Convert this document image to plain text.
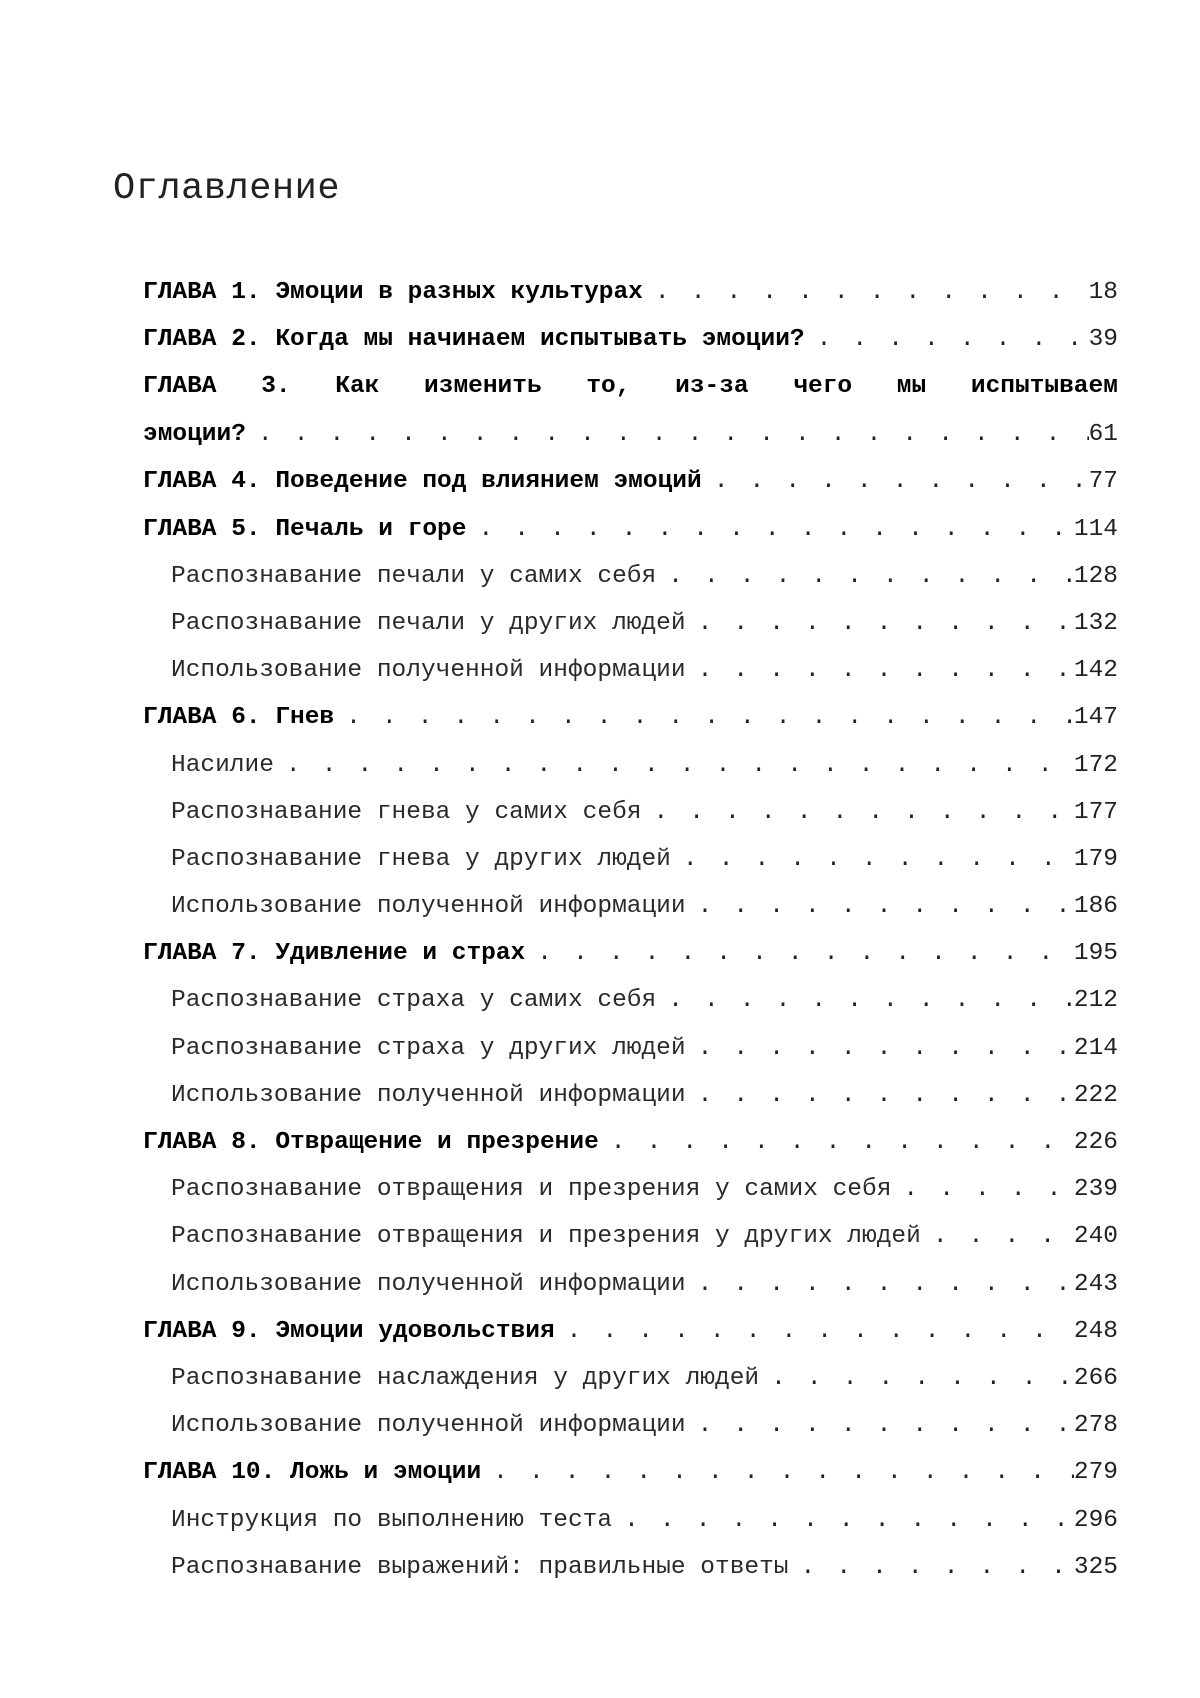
Оглавление
ГЛАВА 1. Эмоции в разных культурах . . .	18
ГЛАВА 2. Когда мы начинаем испытывать эмоции? . . .	39
ГЛАВА 3. Как изменить то, из-за чего мы испытываем
эмоции? . . .	61
ГЛАВА 4. Поведение под влиянием эмоций . . .	77
ГЛАВА 5. Печаль и горе . . .	114
Распознавание печали у самих себя . . .	128
Распознавание печали у других людей . . .	132
Использование полученной информации . . .	142
ГЛАВА 6. Гнев . . .	147
Насилие . . .	172
Распознавание гнева у самих себя . . .	177
Распознавание гнева у других людей . . .	179
Использование полученной информации . . .	186
ГЛАВА 7. Удивление и страх . . .	195
Распознавание страха у самих себя . . .	212
Распознавание страха у других людей . . .	214
Использование полученной информации . . .	222
ГЛАВА 8. Отвращение и презрение . . .	226
Распознавание отвращения и презрения у самих себя . . .	239
Распознавание отвращения и презрения у других людей . . .	240
Использование полученной информации . . .	243
ГЛАВА 9. Эмоции удовольствия . . .	248
Распознавание наслаждения у других людей . . .	266
Использование полученной информации . . .	278
ГЛАВА 10. Ложь и эмоции . . .	279
Инструкция по выполнению теста . . .	296
Распознавание выражений: правильные ответы . . .	325
